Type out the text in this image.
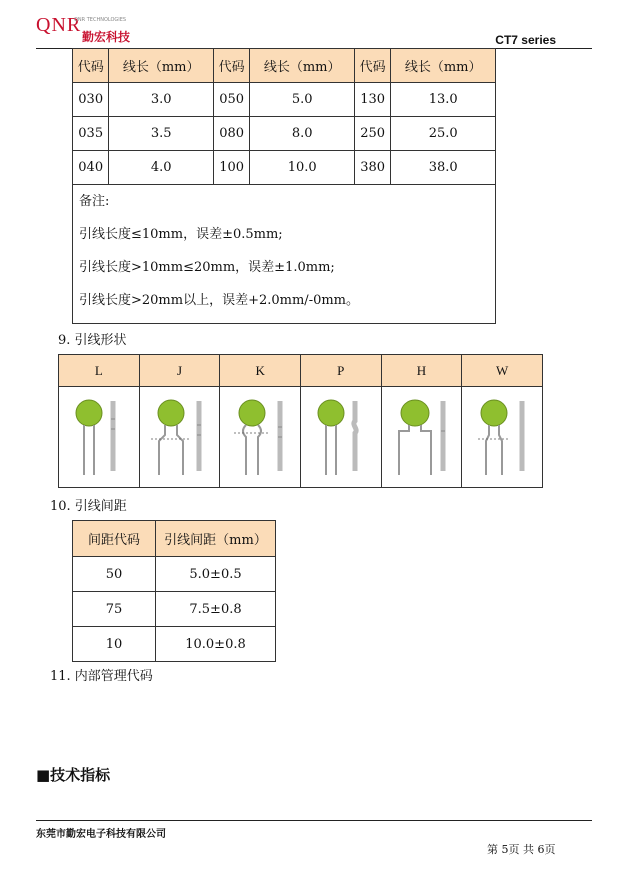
QNR
QNR TECHNOLOGIES
勤宏科技	CT7 series
代码	线长（mm）	代码	线长（mm）	代码	线长（mm）
030	3.0	050	5.0	130	13.0
035	3.5	080	8.0	250	25.0
040	4.0	100	10.0	380	38.0

备注:
引线长度≤10mm，误差±0.5mm;
引线长度>10mm≤20mm，误差±1.0mm;
引线长度>20mm以上，误差+2.0mm/-0mm。					
9. 引线形状
L	J	K	P	H	W

10. 引线间距
间距代码	引线间距（mm）
50	5.0±0.5
75	7.5±0.8
10	10.0±0.8
11. 内部管理代码
■技术指标
东莞市勤宏电子科技有限公司
第 5页 共 6页
